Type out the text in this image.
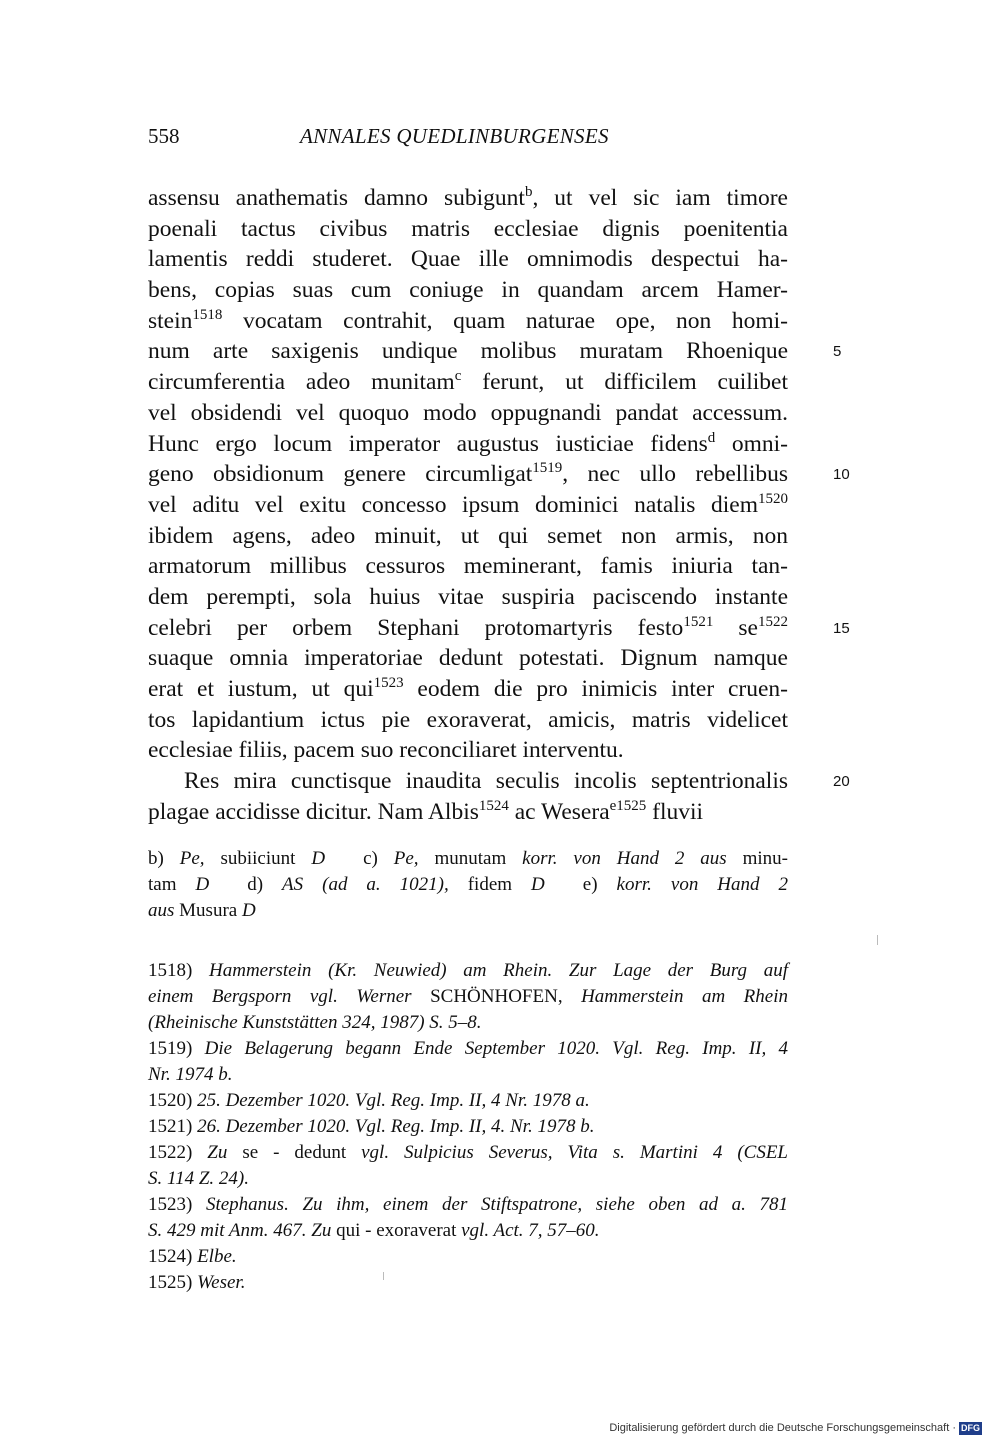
558	ANNALES QUEDLINBURGENSES
assensu anathematis damno subigunt$^b$, ut vel sic iam timore
poenali tactus civibus matris ecclesiae dignis poenitentia
lamentis reddi studeret. Quae ille omnimodis despectui ha-
bens, copias suas cum coniuge in quandam arcem Hamer-
stein$^{1518}$ vocatam contrahit, quam naturae ope, non homi-
num arte saxigenis undique molibus muratam Rhoenique
circumferentia adeo munitam$^c$ ferunt, ut difficilem cuilibet
vel obsidendi vel quoquo modo oppugnandi pandat accessum.
Hunc ergo locum imperator augustus iusticiae fidens$^d$ omni-
geno obsidionum genere circumligat$^{1519}$, nec ullo rebellibus
vel aditu vel exitu concesso ipsum dominici natalis diem$^{1520}$
ibidem agens, adeo minuit, ut qui semet non armis, non
armatorum millibus cessuros meminerant, famis iniuria tan-
dem perempti, sola huius vitae suspiria paciscendo instante
celebri per orbem Stephani protomartyris festo$^{1521}$ $se^{1522}$
suaque omnia imperatoriae dedunt potestati. Dignum namque
erat et iustum, ut qui$^{1523}$ eodem die pro inimicis inter cruen-
tos lapidantium ictus pie exoraverat, amicis, matris videlicet
ecclesiae filiis, pacem suo reconciliaret interventu.
Res mira cunctisque inaudita seculis incolis septentrionalis
plagae accidisse dicitur. Nam Albis$^{1524}$ ac Wesera$^{e1525}$ fluvii
5
10
15
20
b) Pe, subiiciunt D  c) Pe, munutam korr. von Hand 2 aus minu-
tam D  d) AS (ad a. 1021), fidem D  e) korr. von Hand 2
aus Musura D
1518) Hammerstein (Kr. Neuwied) am Rhein. Zur Lage der Burg auf
einem Bergsporn vgl. Werner SCHÖNHOFEN, Hammerstein am Rhein
(Rheinische Kunststätten 324, 1987) S. 5–8.
1519) Die Belagerung begann Ende September 1020. Vgl. Reg. Imp. II, 4
Nr. 1974 b.
1520) 25. Dezember 1020. Vgl. Reg. Imp. II, 4 Nr. 1978 a.
1521) 26. Dezember 1020. Vgl. Reg. Imp. II, 4. Nr. 1978 b.
1522) Zu se - dedunt vgl. Sulpicius Severus, Vita s. Martini 4 (CSEL
S. 114 Z. 24).
1523) Stephanus. Zu ihm, einem der Stiftspatrone, siehe oben ad a. 781
S. 429 mit Anm. 467. Zu qui - exoraverat vgl. Act. 7, 57–60.
1524) Elbe.
1525) Weser.
Digitalisierung gefördert durch die Deutsche Forschungsgemeinschaft · DFG
